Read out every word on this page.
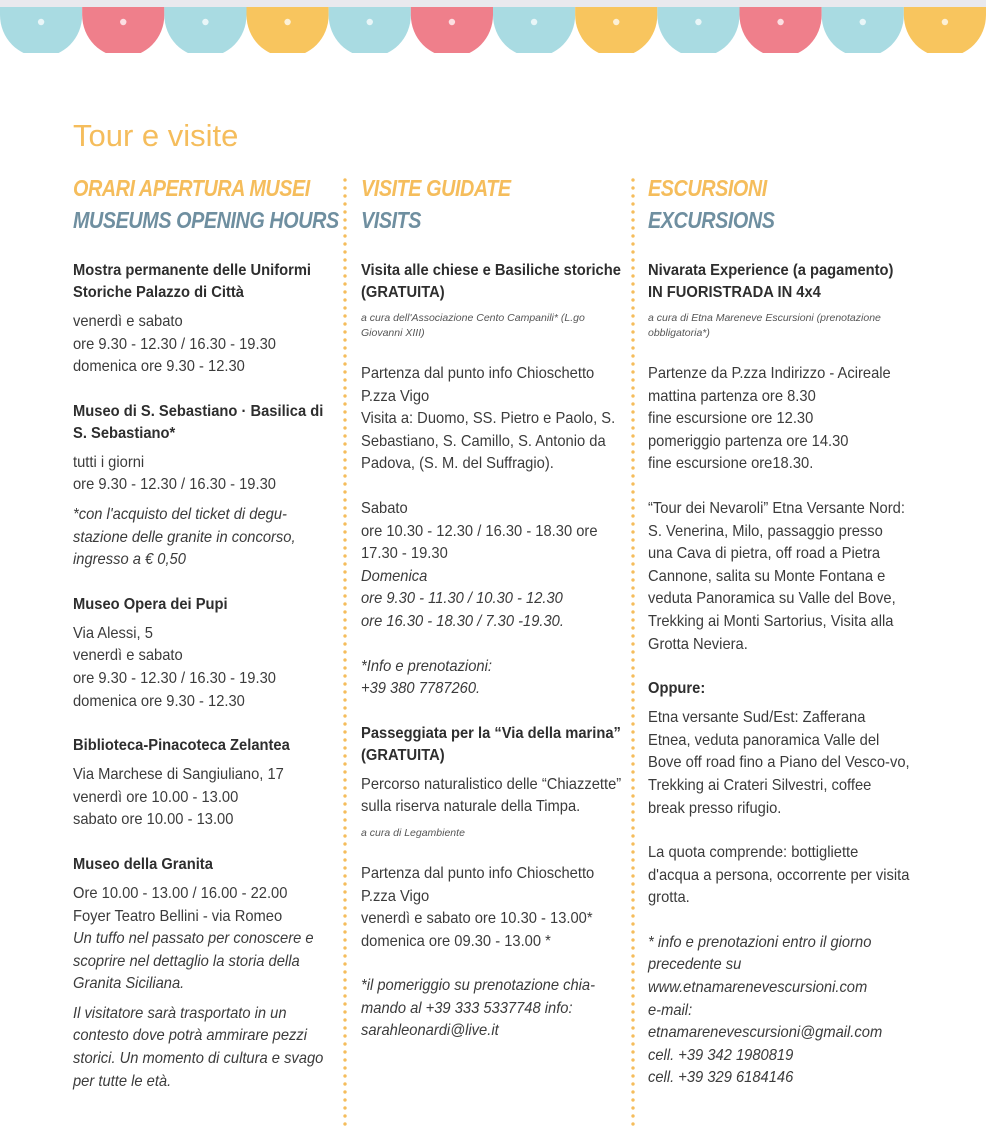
Tour e visite
ORARI APERTURA MUSEI
MUSEUMS OPENING HOURS

Mostra permanente delle Uniformi Storiche Palazzo di Città

venerdì e sabato

ore 9.30 - 12.30 / 16.30 - 19.30

domenica ore 9.30 - 12.30

Museo di S. Sebastiano · Basilica di S. Sebastiano*

tutti i giorni

ore 9.30 - 12.30 / 16.30 - 19.30

*con l'acquisto del ticket di degu-stazione delle granite in concorso, ingresso a € 0,50

Museo Opera dei Pupi

Via Alessi, 5

venerdì e sabato

ore 9.30 - 12.30 / 16.30 - 19.30

domenica ore 9.30 - 12.30

Biblioteca-Pinacoteca Zelantea

Via Marchese di Sangiuliano, 17

venerdì ore 10.00 - 13.00

sabato ore 10.00 - 13.00

Museo della Granita

Ore 10.00 - 13.00 / 16.00 - 22.00

Foyer Teatro Bellini - via Romeo

Un tuffo nel passato per conoscere e scoprire nel dettaglio la storia della Granita Siciliana.

Il visitatore sarà trasportato in un contesto dove potrà ammirare pezzi storici. Un momento di cultura e svago per tutte le età.

VISITE GUIDATE
VISITS

Visita alle chiese e Basiliche storiche (GRATUITA)

a cura dell'Associazione Cento Campanili* (L.go Giovanni XIII)

Partenza dal punto info Chioschetto P.zza Vigo

Visita a: Duomo, SS. Pietro e Paolo, S. Sebastiano, S. Camillo, S. Antonio da Padova, (S. M. del Suffragio).

Sabato

ore 10.30 - 12.30 / 16.30 - 18.30 ore 17.30 - 19.30

Domenica

ore 9.30 - 11.30 / 10.30 - 12.30

ore 16.30 - 18.30 / 7.30 -19.30.

*Info e prenotazioni:

+39 380 7787260.

Passeggiata per la “Via della marina” (GRATUITA)

Percorso naturalistico delle “Chiazzette” sulla riserva naturale della Timpa.

a cura di Legambiente

Partenza dal punto info Chioschetto P.zza Vigo

venerdì e sabato ore 10.30 - 13.00*

domenica ore 09.30 - 13.00 *

*il pomeriggio su prenotazione chia-mando al +39 333 5337748 info: sarahleonardi@live.it

ESCURSIONI
EXCURSIONS

Nivarata Experience (a pagamento) IN FUORISTRADA IN 4x4

a cura di Etna Mareneve Escursioni (prenotazione obbligatoria*)

Partenze da P.zza Indirizzo - Acireale

mattina partenza ore 8.30

fine escursione ore 12.30

pomeriggio partenza ore 14.30

fine escursione ore18.30.

“Tour dei Nevaroli” Etna Versante Nord: S. Venerina, Milo, passaggio presso una Cava di pietra, off road a Pietra Cannone, salita su Monte Fontana e veduta Panoramica su Valle del Bove, Trekking ai Monti Sartorius, Visita alla Grotta Neviera.

Oppure:

Etna versante Sud/Est: Zafferana Etnea, veduta panoramica Valle del Bove off road fino a Piano del Vesco-vo, Trekking ai Crateri Silvestri, coffee break presso rifugio.

La quota comprende: bottigliette d'acqua a persona, occorrente per visita grotta.

* info e prenotazioni entro il giorno precedente su

www.etnamarenevescursioni.com

e-mail:

etnamarenevescursioni@gmail.com

cell. +39 342 1980819

cell. +39 329 6184146
